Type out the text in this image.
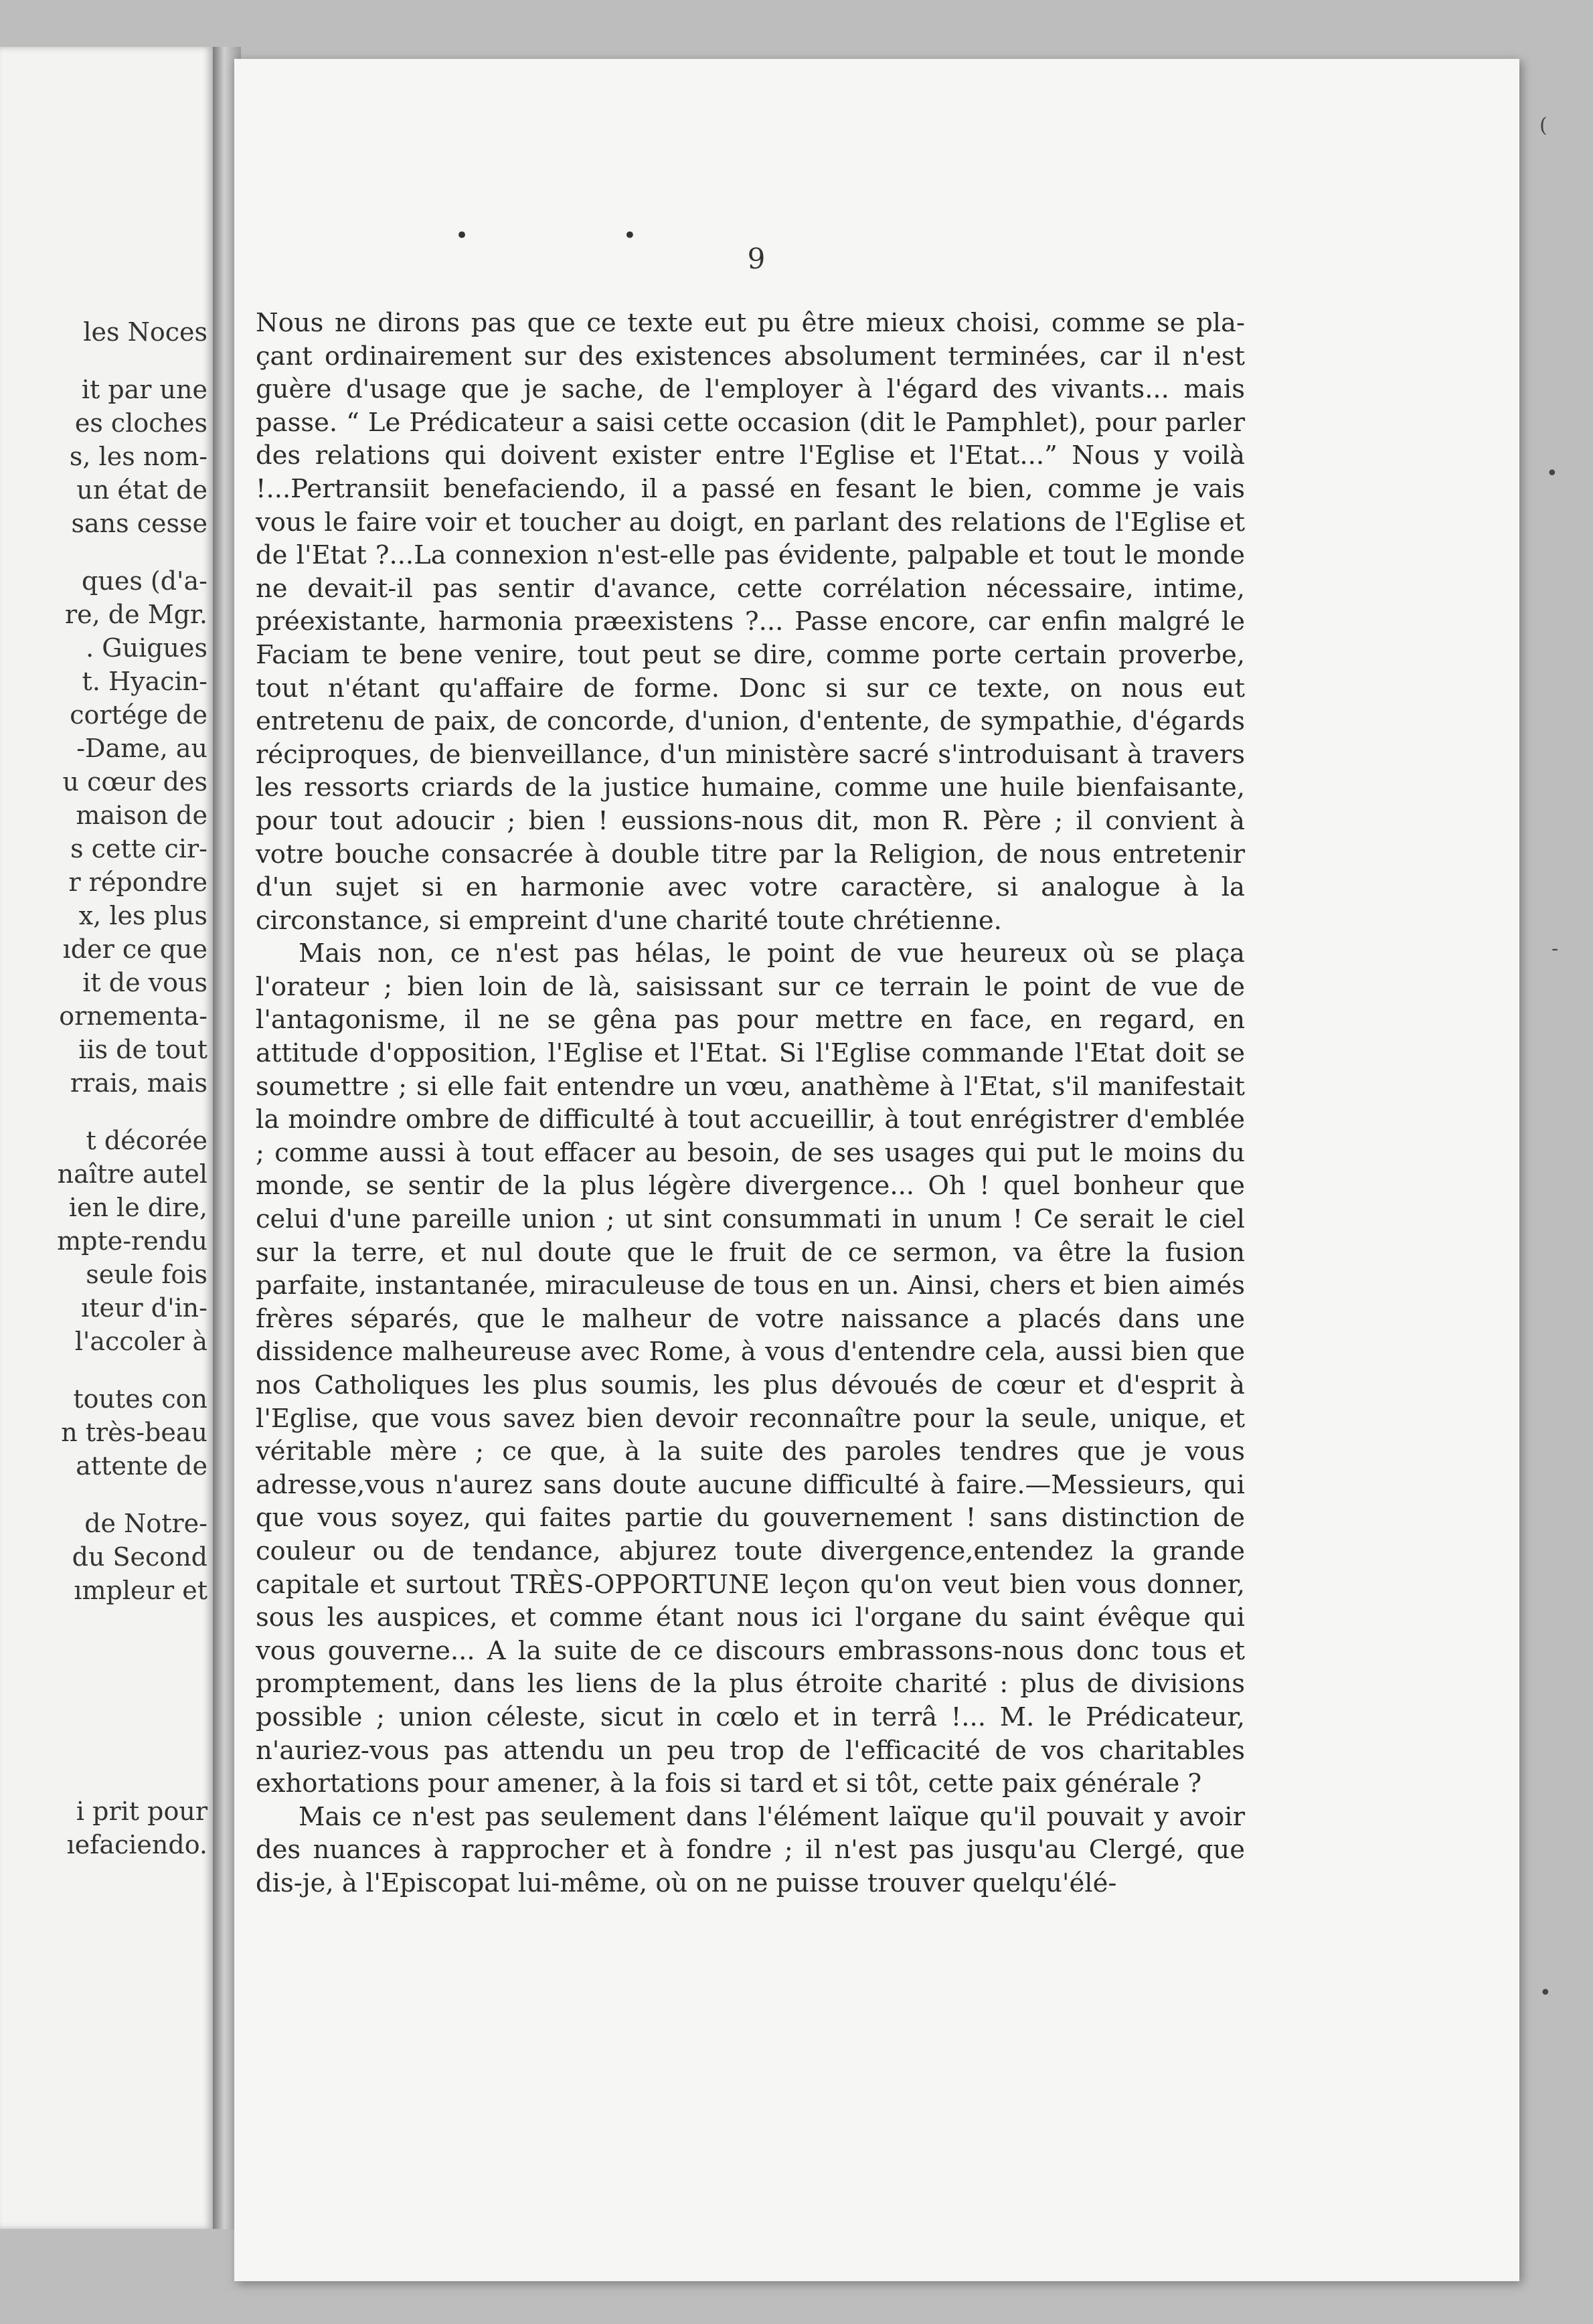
les Noces
it par une
es cloches
s, les nom-
un état de
sans cesse
ques (d'a-
re, de Mgr.
. Guigues
t. Hyacin-
cortége de
-Dame, au
u cœur des
maison de
s cette cir-
r répondre
x, les plus
ıder ce que
it de vous
ornementa-
iis de tout
rrais, mais
t décorée
naître autel
ien le dire,
mpte-rendu
seule fois
ıteur d'in-
l'accoler à
toutes con
n très-beau
attente de
de Notre-
du Second
ımpleur et
i prit pour
ıefaciendo.
• •
9

Nous ne dirons pas que ce texte eut pu être mieux choisi, comme se plaçant ordinairement sur des existences absolument terminées, car il n'est guère d'usage que je sache, de l'employer à l'égard des vivants... mais passe. “ Le Prédicateur a saisi cette occasion (dit le Pamphlet), pour parler des relations qui doivent exister entre l'Eglise et l'Etat...” Nous y voilà !...Pertransiit benefaciendo, il a passé en fesant le bien, comme je vais vous le faire voir et toucher au doigt, en parlant des relations de l'Eglise et de l'Etat ?...La connexion n'est-elle pas évidente, palpable et tout le monde ne devait-il pas sentir d'avance, cette corrélation nécessaire, intime, préexistante, harmonia præexistens ?... Passe encore, car enfin malgré le Faciam te bene venire, tout peut se dire, comme porte certain proverbe, tout n'étant qu'affaire de forme. Donc si sur ce texte, on nous eut entretenu de paix, de concorde, d'union, d'entente, de sympathie, d'égards réciproques, de bienveillance, d'un ministère sacré s'introduisant à travers les ressorts criards de la justice humaine, comme une huile bienfaisante, pour tout adoucir ; bien ! eussions-nous dit, mon R. Père ; il convient à votre bouche consacrée à double titre par la Religion, de nous entretenir d'un sujet si en harmonie avec votre caractère, si analogue à la circonstance, si empreint d'une charité toute chrétienne.

Mais non, ce n'est pas hélas, le point de vue heureux où se plaça l'orateur ; bien loin de là, saisissant sur ce terrain le point de vue de l'antagonisme, il ne se gêna pas pour mettre en face, en regard, en attitude d'opposition, l'Eglise et l'Etat. Si l'Eglise commande l'Etat doit se soumettre ; si elle fait entendre un vœu, anathème à l'Etat, s'il manifestait la moindre ombre de difficulté à tout accueillir, à tout enrégistrer d'emblée ; comme aussi à tout effacer au besoin, de ses usages qui put le moins du monde, se sentir de la plus légère divergence... Oh ! quel bonheur que celui d'une pareille union ; ut sint consummati in unum ! Ce serait le ciel sur la terre, et nul doute que le fruit de ce sermon, va être la fusion parfaite, instantanée, miraculeuse de tous en un. Ainsi, chers et bien aimés frères séparés, que le malheur de votre naissance a placés dans une dissidence malheureuse avec Rome, à vous d'entendre cela, aussi bien que nos Catholiques les plus soumis, les plus dévoués de cœur et d'esprit à l'Eglise, que vous savez bien devoir reconnaître pour la seule, unique, et véritable mère ; ce que, à la suite des paroles tendres que je vous adresse,vous n'aurez sans doute aucune difficulté à faire.—Messieurs, qui que vous soyez, qui faites partie du gouvernement ! sans distinction de couleur ou de tendance, abjurez toute divergence,entendez la grande capitale et surtout TRÈS-OPPORTUNE leçon qu'on veut bien vous donner, sous les auspices, et comme étant nous ici l'organe du saint évêque qui vous gouverne... A la suite de ce discours embrassons-nous donc tous et promptement, dans les liens de la plus étroite charité : plus de divisions possible ; union céleste, sicut in cœlo et in terrâ !... M. le Prédicateur, n'auriez-vous pas attendu un peu trop de l'efficacité de vos charitables exhortations pour amener, à la fois si tard et si tôt, cette paix générale ?

Mais ce n'est pas seulement dans l'élément laïque qu'il pouvait y avoir des nuances à rapprocher et à fondre ; il n'est pas jusqu'au Clergé, que dis-je, à l'Episcopat lui-même, où on ne puisse trouver quelqu'élé-

(
•
-
•
